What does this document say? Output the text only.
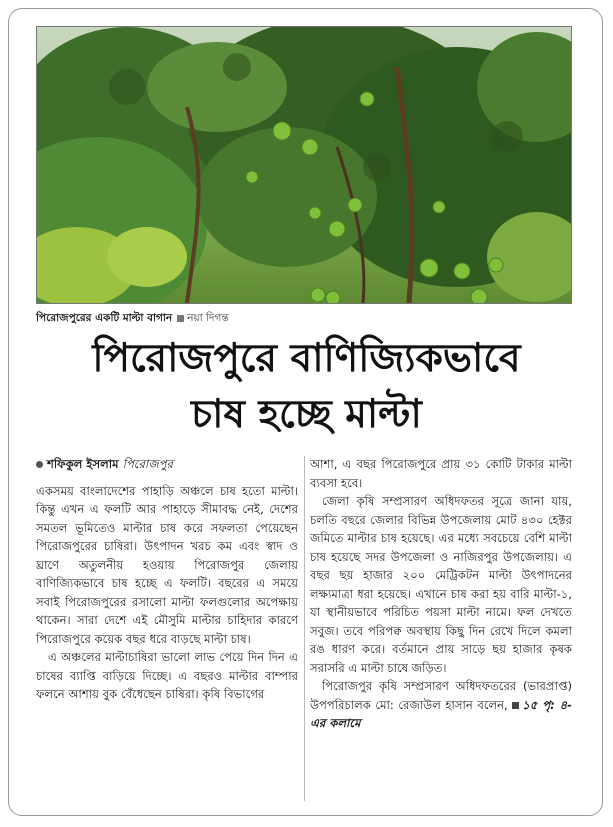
পিরোজপুরের একটি মাল্টা বাগান নয়া দিগন্ত
পিরোজপুরে বাণিজ্যিকভাবে
চাষ হচ্ছে মাল্টা
শফিকুল ইসলাম পিরোজপুর

একসময় বাংলাদেশের পাহাড়ি অঞ্চলে চাষ হতো মাল্টা। কিন্তু এখন এ ফলটি আর পাহাড়ে সীমাবদ্ধ নেই, দেশের সমতল ভূমিতেও মাল্টার চাষ করে সফলতা পেয়েছেন পিরোজপুরের চাষিরা। উৎপাদন খরচ কম এবং স্বাদ ও ঘ্রাণে অতুলনীয় হওয়ায় পিরোজপুর জেলায় বাণিজ্যিকভাবে চাষ হচ্ছে এ ফলটি। বছরের এ সময়ে সবাই পিরোজপুরের রসালো মাল্টা ফলগুলোর অপেক্ষায় থাকেন। সারা দেশে এই মৌসুমি মাল্টার চাহিদার কারণে পিরোজপুরে কয়েক বছর ধরে বাড়ছে মাল্টা চাষ।

এ অঞ্চলের মাল্টাচাষিরা ভালো লাভ পেয়ে দিন দিন এ চাষের ব্যাপ্তি বাড়িয়ে দিচ্ছে। এ বছরও মাল্টার বাম্পার ফলনে আশায় বুক বেঁধেছেন চাষিরা। কৃষি বিভাগের

আশা, এ বছর পিরোজপুরে প্রায় ৩১ কোটি টাকার মাল্টা ব্যবসা হবে।

জেলা কৃষি সম্প্রসারণ অধিদফতর সূত্রে জানা যায়, চলতি বছরে জেলার বিভিন্ন উপজেলায় মোট ৪৩০ হেক্টর জমিতে মাল্টার চাষ হয়েছে। এর মধ্যে সবচেয়ে বেশি মাল্টা চাষ হয়েছে সদর উপজেলা ও নাজিরপুর উপজেলায়। এ বছর ছয় হাজার ২০০ মেট্রিকটন মাল্টা উৎপাদনের লক্ষ্যমাত্রা ধরা হয়েছে। এখানে চাষ করা হয় বারি মাল্টা-১, যা স্থানীয়ভাবে পরিচিত পয়সা মাল্টা নামে। ফল দেখতে সবুজ। তবে পরিপক্ব অবস্থায় কিছু দিন রেখে দিলে কমলা রঙ ধারণ করে। বর্তমানে প্রায় সাড়ে ছয় হাজার কৃষক সরাসরি এ মাল্টা চাষে জড়িত।

পিরোজপুর কৃষি সম্প্রসারণ অধিদফতরের (ভারপ্রাপ্ত) উপপরিচালক মো: রেজাউল হাসান বলেন, ১৫ পৃ: ৪-এর কলামে
